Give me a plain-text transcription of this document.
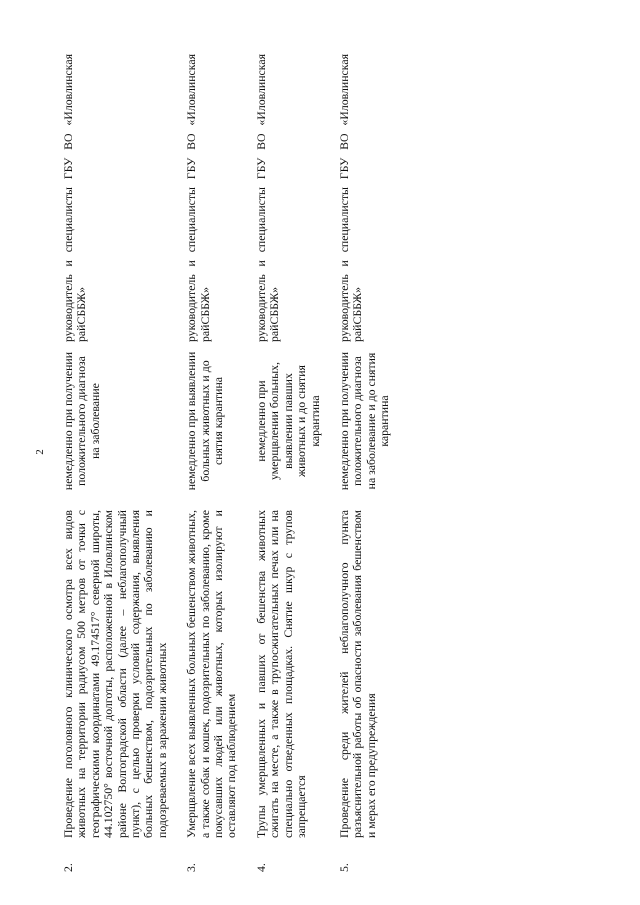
2
2.	Проведение поголовного клинического осмотра всех видов животных на территории радиусом 500 метров от точки с географическими координатами 49.174517° северной широты, 44.102750° восточной долготы, расположенной в Иловлинском районе Волгоградской области (далее – неблагополучный пункт), с целью проверки условий содержания, выявления больных бешенством, подозрительных по заболеванию и подозреваемых в заражении животных	немедленно при получении положительного диагноза на заболевание	руководитель и специалисты ГБУ ВО «Иловлинская райСББЖ»
3.	Умерщвление всех выявленных больных бешенством животных, а также собак и кошек, подозрительных по заболеванию, кроме покусавших людей или животных, которых изолируют и оставляют под наблюдением	немедленно при выявлении больных животных и до снятия карантина	руководитель и специалисты ГБУ ВО «Иловлинская райСББЖ»
4.	Трупы умерщвленных и павших от бешенства животных сжигать на месте, а также в трупосжигательных печах или на специально отведенных площадках. Снятие шкур с трупов запрещается	немедленно при умерщвлении больных, выявлении павших животных и до снятия карантина	руководитель и специалисты ГБУ ВО «Иловлинская райСББЖ»
5.	Проведение среди жителей неблагополучного пункта разъяснительной работы об опасности заболевания бешенством и мерах его предупреждения	немедленно при получении положительного диагноза на заболевание и до снятия карантина	руководитель и специалисты ГБУ ВО «Иловлинская райСББЖ»
